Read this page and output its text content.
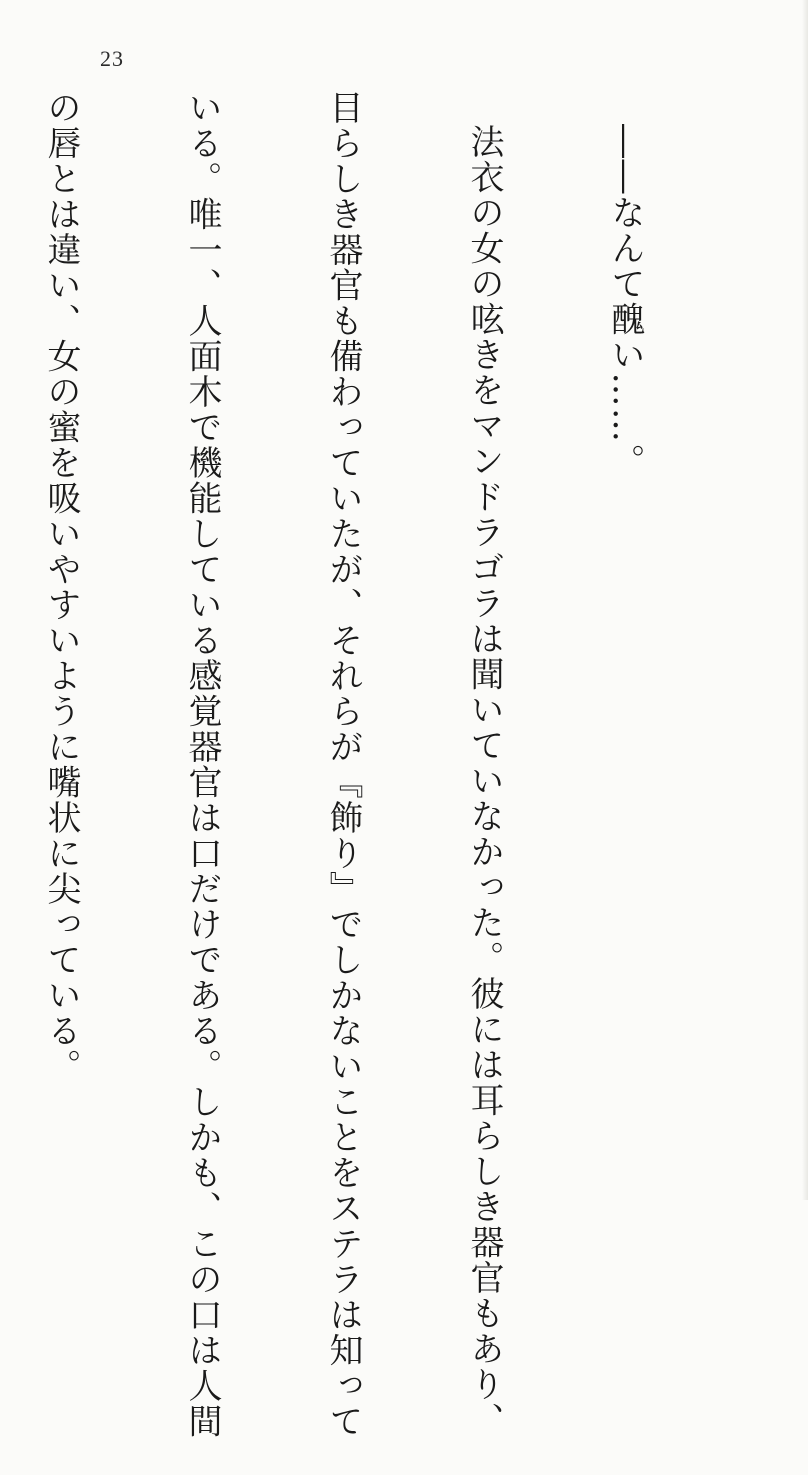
23

――なんて醜い……。

法衣の女の呟きをマンドラゴラは聞いていなかった。彼には耳らしき器官もあり、

目らしき器官も備わっていたが、それらが『飾り』でしかないことをステラは知って

いる。唯一、人面木で機能している感覚器官は口だけである。しかも、この口は人間

の唇とは違い、女の蜜を吸いやすいように嘴状に尖っている。
